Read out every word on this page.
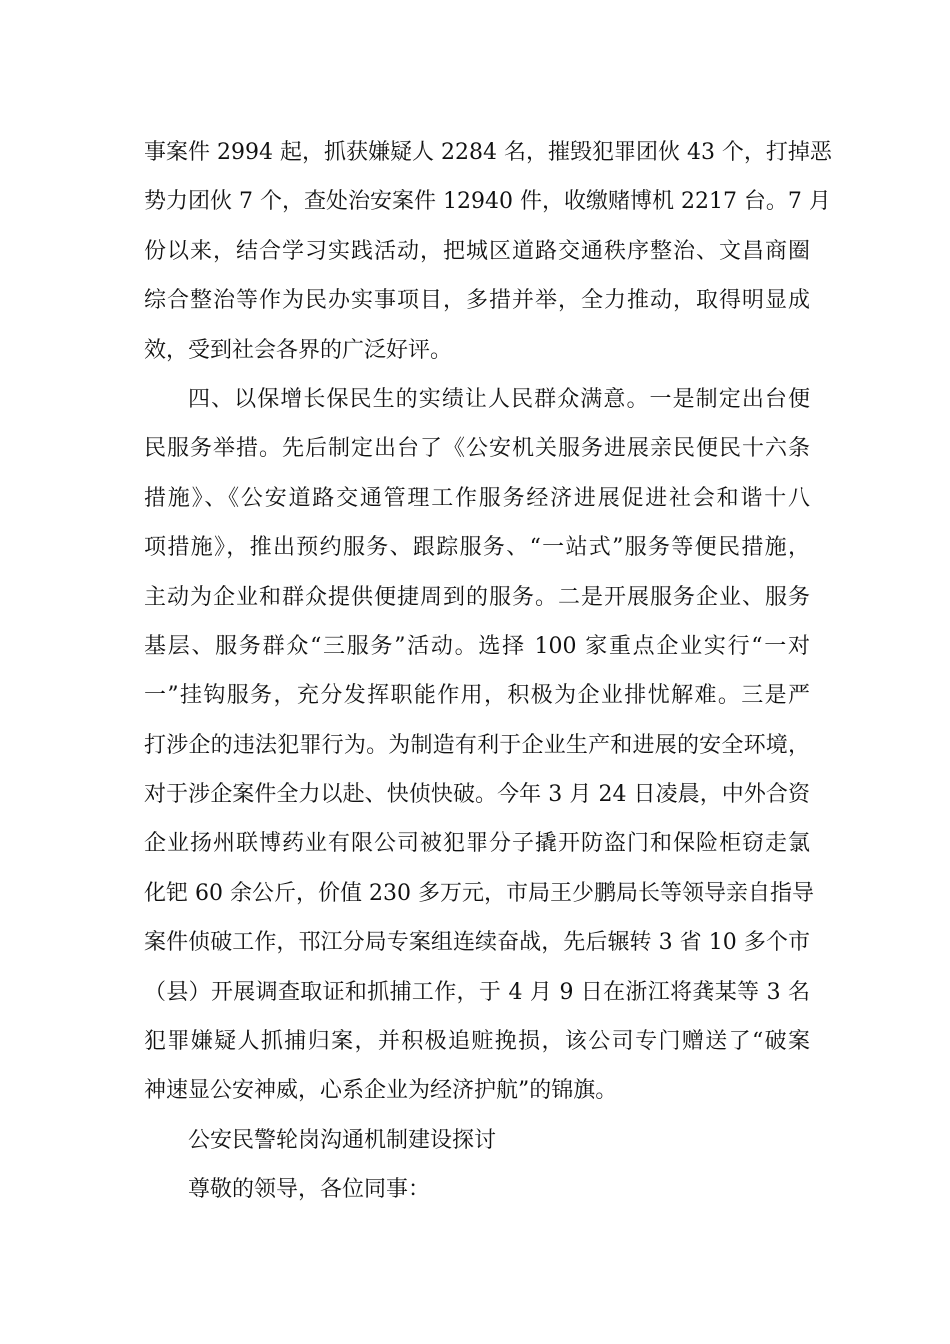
事案件 2994 起，抓获嫌疑人 2284 名，摧毁犯罪团伙 43 个，打掉恶
势力团伙 7 个，查处治安案件 12940 件，收缴赌博机 2217 台。7 月
份以来，结合学习实践活动，把城区道路交通秩序整治、文昌商圈
综合整治等作为民办实事项目，多措并举，全力推动，取得明显成
效，受到社会各界的广泛好评。
四、以保增长保民生的实绩让人民群众满意。一是制定出台便
民服务举措。先后制定出台了《公安机关服务进展亲民便民十六条
措施》、《公安道路交通管理工作服务经济进展促进社会和谐十八
项措施》，推出预约服务、跟踪服务、“一站式”服务等便民措施，
主动为企业和群众提供便捷周到的服务。二是开展服务企业、服务
基层、服务群众“三服务”活动。选择 100 家重点企业实行“一对
一”挂钩服务，充分发挥职能作用，积极为企业排忧解难。三是严
打涉企的违法犯罪行为。为制造有利于企业生产和进展的安全环境，
对于涉企案件全力以赴、快侦快破。今年 3 月 24 日凌晨，中外合资
企业扬州联博药业有限公司被犯罪分子撬开防盗门和保险柜窃走氯
化钯 60 余公斤，价值 230 多万元，市局王少鹏局长等领导亲自指导
案件侦破工作，邗江分局专案组连续奋战，先后辗转 3 省 10 多个市
（县）开展调查取证和抓捕工作，于 4 月 9 日在浙江将龚某等 3 名
犯罪嫌疑人抓捕归案，并积极追赃挽损，该公司专门赠送了“破案
神速显公安神威，心系企业为经济护航”的锦旗。
公安民警轮岗沟通机制建设探讨
尊敬的领导，各位同事：
